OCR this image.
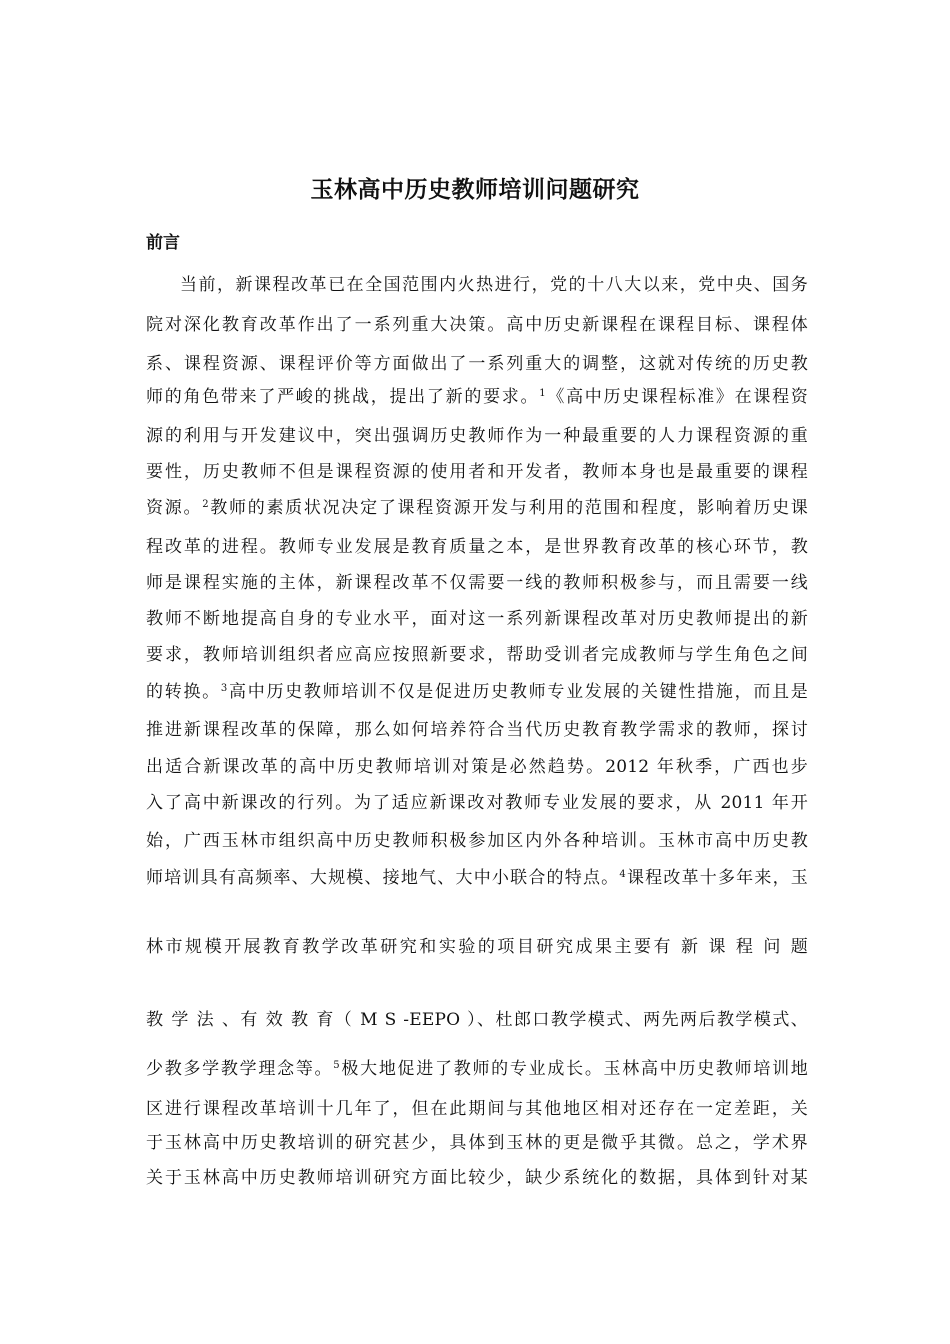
玉林高中历史教师培训问题研究
前言
当前，新课程改革已在全国范围内火热进行，党的十八大以来，党中央、国务
院对深化教育改革作出了一系列重大决策。高中历史新课程在课程目标、课程体
系、课程资源、课程评价等方面做出了一系列重大的调整，这就对传统的历史教
师的角色带来了严峻的挑战，提出了新的要求。$^1$《高中历史课程标准》在课程资
源的利用与开发建议中，突出强调历史教师作为一种最重要的人力课程资源的重
要性，历史教师不但是课程资源的使用者和开发者，教师本身也是最重要的课程
资源。$^2$教师的素质状况决定了课程资源开发与利用的范围和程度，影响着历史课
程改革的进程。教师专业发展是教育质量之本，是世界教育改革的核心环节，教
师是课程实施的主体，新课程改革不仅需要一线的教师积极参与，而且需要一线
教师不断地提高自身的专业水平，面对这一系列新课程改革对历史教师提出的新
要求，教师培训组织者应高应按照新要求，帮助受训者完成教师与学生角色之间
的转换。$^3$高中历史教师培训不仅是促进历史教师专业发展的关键性措施，而且是
推进新课程改革的保障，那么如何培养符合当代历史教育教学需求的教师，探讨
出适合新课改革的高中历史教师培训对策是必然趋势。2012 年秋季，广西也步
入了高中新课改的行列。为了适应新课改对教师专业发展的要求，从 2011 年开
始，广西玉林市组织高中历史教师积极参加区内外各种培训。玉林市高中历史教
师培训具有高频率、大规模、接地气、大中小联合的特点。$^4$课程改革十多年来，玉
林市规模开展教育教学改革研究和实验的项目研究成果主要有 新 课 程 问 题
教 学 法 、有 效 教 育（ M S -EEPO ）、杜郎口教学模式、两先两后教学模式、
少教多学教学理念等。$^5$极大地促进了教师的专业成长。玉林高中历史教师培训地
区进行课程改革培训十几年了，但在此期间与其他地区相对还存在一定差距，关
于玉林高中历史教培训的研究甚少，具体到玉林的更是微乎其微。总之，学术界
关于玉林高中历史教师培训研究方面比较少，缺少系统化的数据，具体到针对某
